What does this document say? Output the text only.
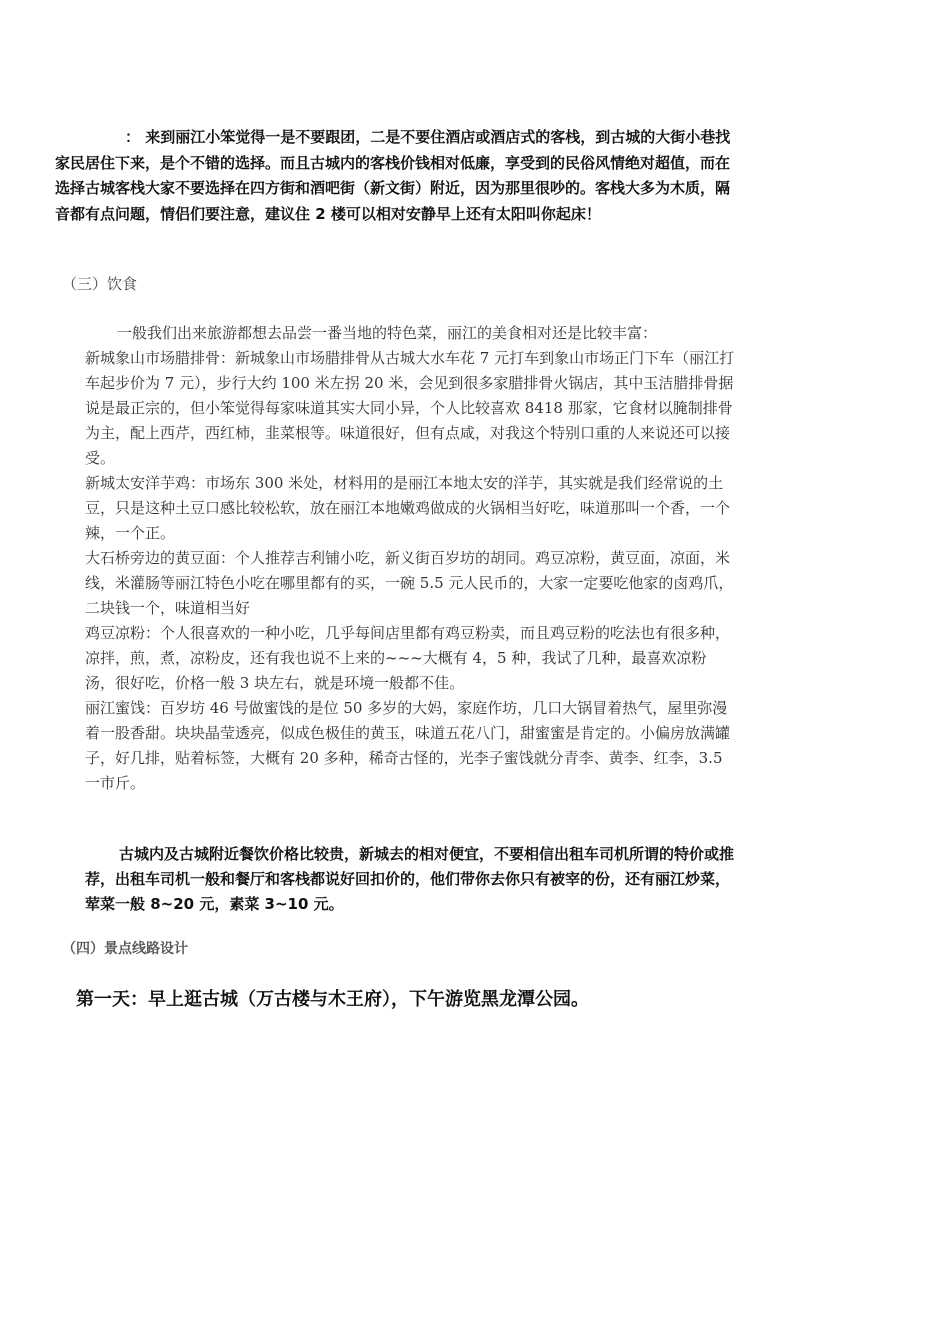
： 来到丽江小笨觉得一是不要跟团，二是不要住酒店或酒店式的客栈，到古城的大街小巷找家民居住下来，是个不错的选择。而且古城内的客栈价钱相对低廉，享受到的民俗风情绝对超值，而在选择古城客栈大家不要选择在四方街和酒吧街（新文街）附近，因为那里很吵的。客栈大多为木质，隔音都有点问题，情侣们要注意，建议住 2 楼可以相对安静早上还有太阳叫你起床！

（三）饮食

一般我们出来旅游都想去品尝一番当地的特色菜，丽江的美食相对还是比较丰富：

新城象山市场腊排骨：新城象山市场腊排骨从古城大水车花 7 元打车到象山市场正门下车（丽江打车起步价为 7 元），步行大约 100 米左拐 20 米，会见到很多家腊排骨火锅店，其中玉洁腊排骨据说是最正宗的，但小笨觉得每家味道其实大同小异，个人比较喜欢 8418 那家，它食材以腌制排骨为主，配上西芹，西红柿，韭菜根等。味道很好，但有点咸，对我这个特别口重的人来说还可以接受。

新城太安洋芋鸡：市场东 300 米处，材料用的是丽江本地太安的洋芋，其实就是我们经常说的土豆，只是这种土豆口感比较松软，放在丽江本地嫩鸡做成的火锅相当好吃，味道那叫一个香，一个辣，一个正。

大石桥旁边的黄豆面：个人推荐吉利铺小吃，新义街百岁坊的胡同。鸡豆凉粉，黄豆面，凉面，米线，米灌肠等丽江特色小吃在哪里都有的买，一碗 5.5 元人民币的，大家一定要吃他家的卤鸡爪，二块钱一个，味道相当好

鸡豆凉粉：个人很喜欢的一种小吃，几乎每间店里都有鸡豆粉卖，而且鸡豆粉的吃法也有很多种， 凉拌，煎，煮，凉粉皮，还有我也说不上来的~~~大概有 4，5 种，我试了几种，最喜欢凉粉汤，很好吃，价格一般 3 块左右，就是环境一般都不佳。

丽江蜜饯：百岁坊 46 号做蜜饯的是位 50 多岁的大妈，家庭作坊，几口大锅冒着热气，屋里弥漫着一股香甜。块块晶莹透亮，似成色极佳的黄玉，味道五花八门，甜蜜蜜是肯定的。小偏房放满罐子，好几排，贴着标签，大概有 20 多种，稀奇古怪的，光李子蜜饯就分青李、黄李、红李，3.5 一市斤。

古城内及古城附近餐饮价格比较贵，新城去的相对便宜，不要相信出租车司机所谓的特价或推荐，出租车司机一般和餐厅和客栈都说好回扣价的，他们带你去你只有被宰的份，还有丽江炒菜，荤菜一般 8~20 元，素菜 3~10 元。

（四）景点线路设计

第一天：早上逛古城（万古楼与木王府），下午游览黑龙潭公园。
